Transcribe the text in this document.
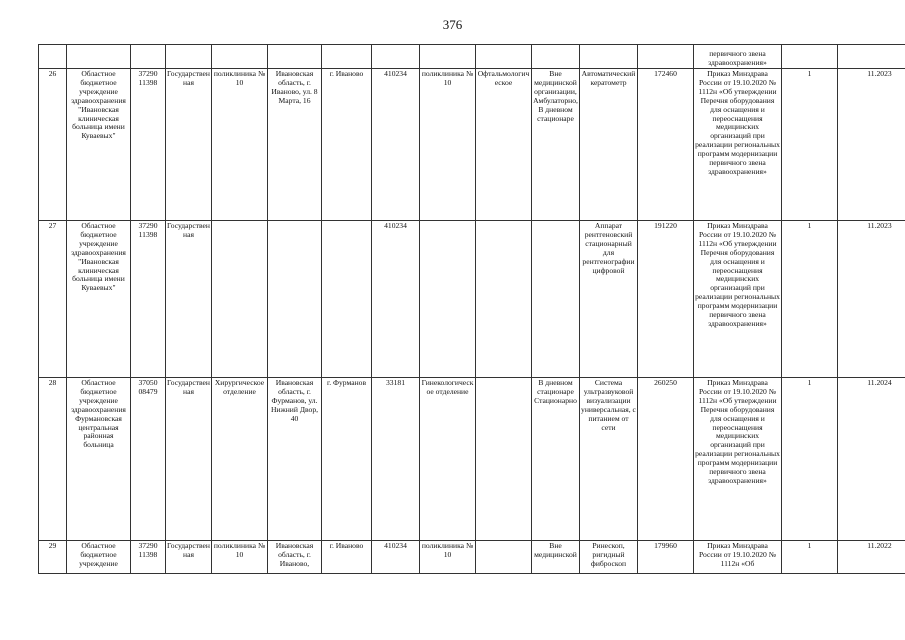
376
													первичного звена здравоохранения»		
26	Областное бюджетное учреждение здравоохранения "Ивановская клиническая больница имени Куваевых"	37290 11398	Государственная	поликлиника № 10	Ивановская область, г. Иваново, ул. 8 Марта, 16	г. Иваново	410234	поликлиника № 10	Офтальмологическое	Вне медицинской организации, Амбулаторно, В дневном стационаре	Автоматический кератометр	172460	Приказ Минздрава России от 19.10.2020 № 1112н «Об утверждении Перечня оборудования для оснащения и переоснащения медицинских организаций при реализации региональных программ модернизации первичного звена здравоохранения»	1	11.2023
27	Областное бюджетное учреждение здравоохранения "Ивановская клиническая больница имени Куваевых"	37290 11398	Государственная				410234				Аппарат рентгеновский стационарный для рентгенографии цифровой	191220	Приказ Минздрава России от 19.10.2020 № 1112н «Об утверждении Перечня оборудования для оснащения и переоснащения медицинских организаций при реализации региональных программ модернизации первичного звена здравоохранения»	1	11.2023
28	Областное бюджетное учреждение здравоохранения Фурмановская центральная районная больница	37050 08479	Государственная	Хирургическое отделение	Ивановская область, г. Фурманов, ул. Нижний Двор, 40	г. Фурманов	33181	Гинекологическое отделение		В дневном стационаре Стационарно	Система ультразвуковой визуализации универсальная, с питанием от сети	260250	Приказ Минздрава России от 19.10.2020 № 1112н «Об утверждении Перечня оборудования для оснащения и переоснащения медицинских организаций при реализации региональных программ модернизации первичного звена здравоохранения»	1	11.2024
29	Областное бюджетное учреждение	37290 11398	Государственная	поликлиника № 10	Ивановская область, г. Иваново,	г. Иваново	410234	поликлиника № 10		Вне медицинской	Ринескоп, ригидный фиброскоп	179960	Приказ Минздрава России от 19.10.2020 № 1112н «Об	1	11.2022
